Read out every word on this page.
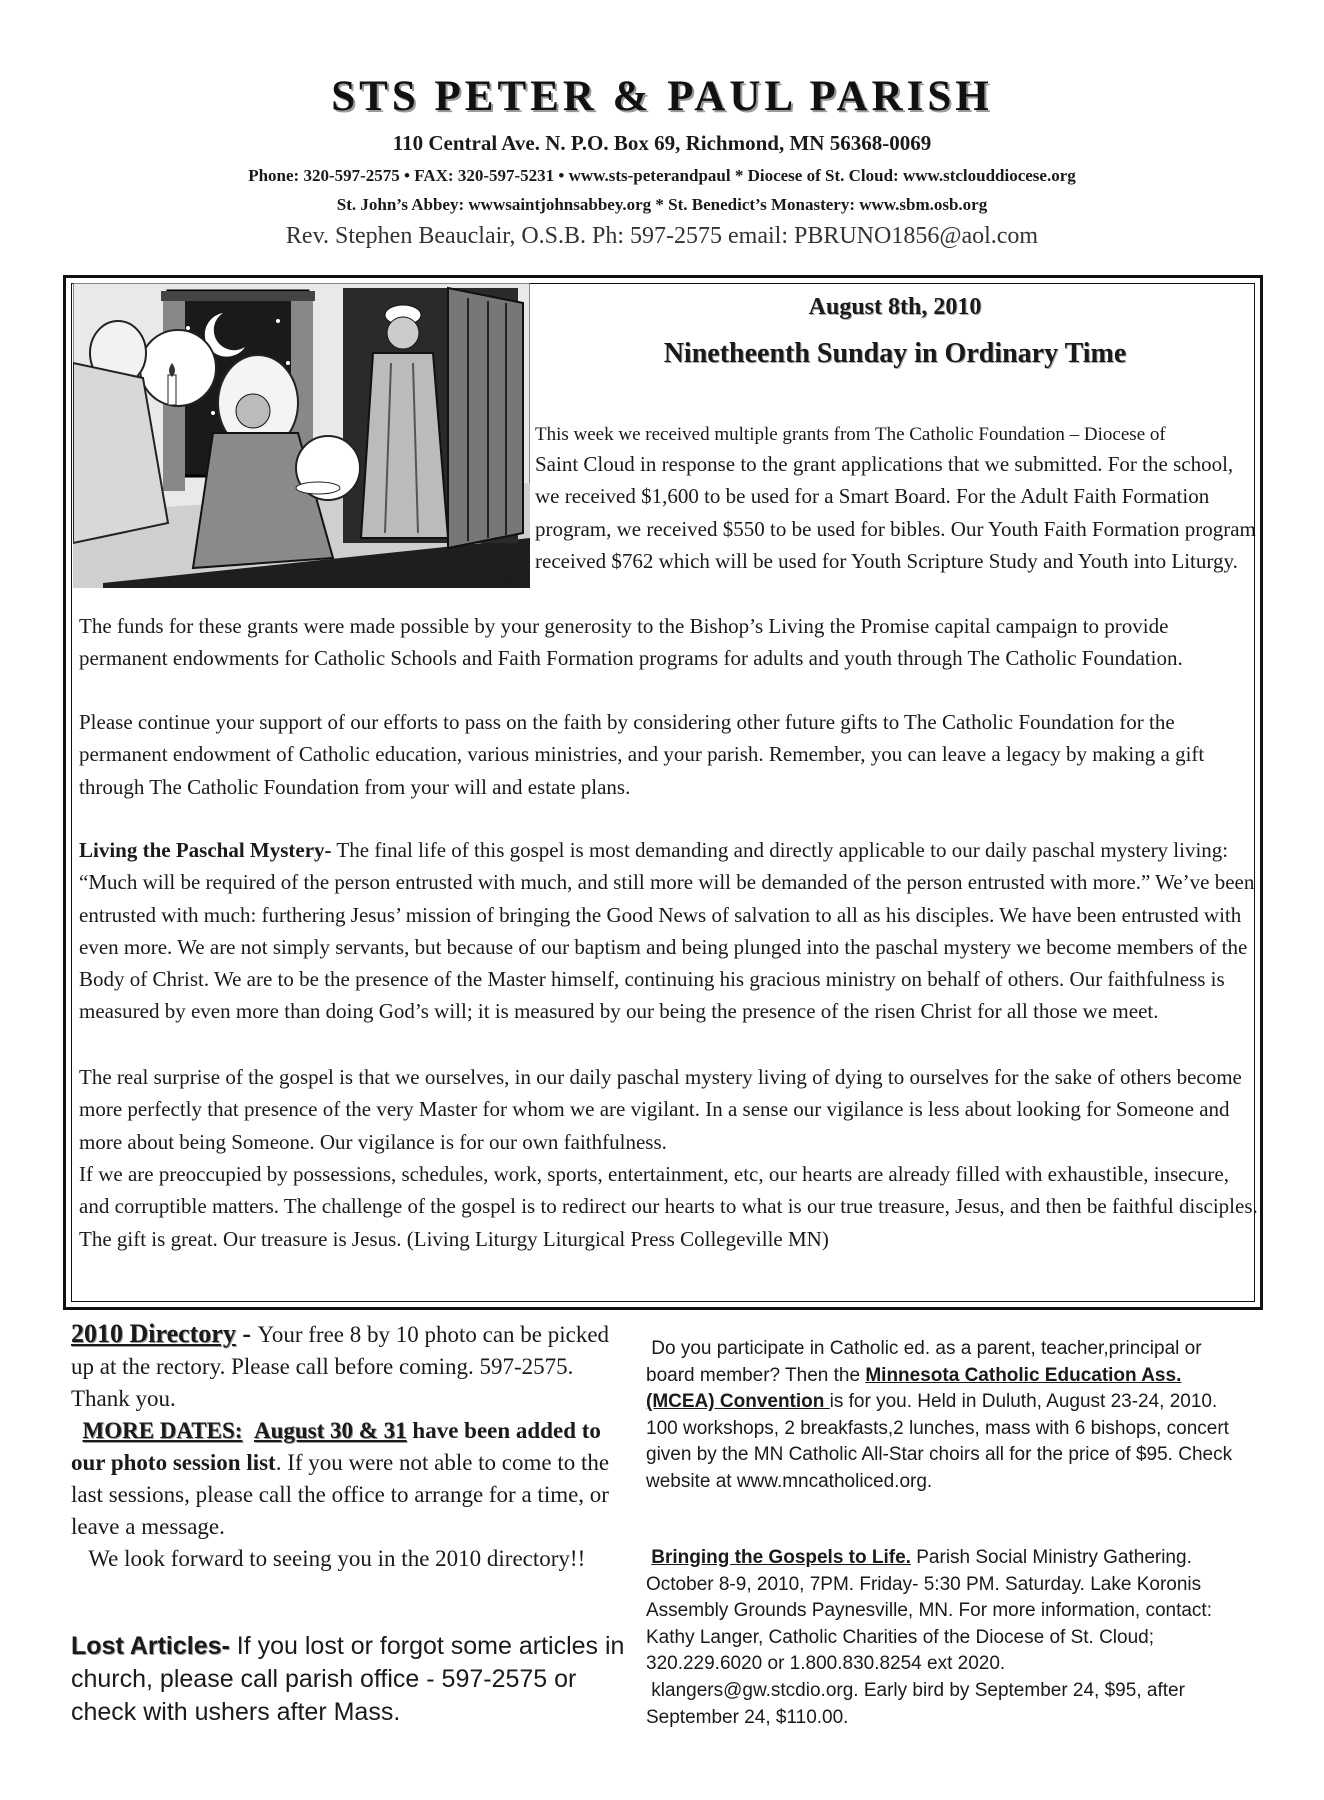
STS PETER & PAUL PARISH
110 Central Ave. N. P.O. Box 69, Richmond, MN 56368-0069
Phone: 320-597-2575 • FAX: 320-597-5231 • www.sts-peterandpaul * Diocese of St. Cloud: www.stclouddiocese.org
St. John’s Abbey: wwwsaintjohnsabbey.org * St. Benedict’s Monastery: www.sbm.osb.org
Rev. Stephen Beauclair, O.S.B. Ph: 597-2575 email: PBRUNO1856@aol.com
©LPi
August 8th, 2010
Ninetheenth Sunday in Ordinary Time
This week we received multiple grants from The Catholic Foundation – Diocese of
Saint Cloud in response to the grant applications that we submitted. For the school, we received $1,600 to be used for a Smart Board. For the Adult Faith Formation program, we received $550 to be used for bibles. Our Youth Faith Formation program received $762 which will be used for Youth Scripture Study and Youth into Liturgy.
The funds for these grants were made possible by your generosity to the Bishop’s Living the Promise capital campaign to provide permanent endowments for Catholic Schools and Faith Formation programs for adults and youth through The Catholic Foundation.
Please continue your support of our efforts to pass on the faith by considering other future gifts to The Catholic Foundation for the permanent endowment of Catholic education, various ministries, and your parish. Remember, you can leave a legacy by making a gift through The Catholic Foundation from your will and estate plans.
Living the Paschal Mystery- The final life of this gospel is most demanding and directly applicable to our daily paschal mystery living: “Much will be required of the person entrusted with much, and still more will be demanded of the person entrusted with more.” We’ve been entrusted with much: furthering Jesus’ mission of bringing the Good News of salvation to all as his disciples. We have been entrusted with even more. We are not simply servants, but because of our baptism and being plunged into the paschal mystery we become members of the Body of Christ. We are to be the presence of the Master himself, continuing his gracious ministry on behalf of others. Our faithfulness is measured by even more than doing God’s will; it is measured by our being the presence of the risen Christ for all those we meet.
The real surprise of the gospel is that we ourselves, in our daily paschal mystery living of dying to ourselves for the sake of others become more perfectly that presence of the very Master for whom we are vigilant. In a sense our vigilance is less about looking for Someone and more about being Someone. Our vigilance is for our own faithfulness.
If we are preoccupied by possessions, schedules, work, sports, entertainment, etc, our hearts are already filled with exhaustible, insecure, and corruptible matters. The challenge of the gospel is to redirect our hearts to what is our true treasure, Jesus, and then be faithful disciples. The gift is great. Our treasure is Jesus. (Living Liturgy Liturgical Press Collegeville MN)
2010 Directory - Your free 8 by 10 photo can be picked up at the rectory. Please call before coming. 597-2575. Thank you.
MORE DATES: August 30 & 31 have been added to our photo session list. If you were not able to come to the last sessions, please call the office to arrange for a time, or leave a message.
We look forward to seeing you in the 2010 directory!!
Lost Articles- If you lost or forgot some articles in church, please call parish office - 597-2575 or check with ushers after Mass.
Do you participate in Catholic ed. as a parent, teacher,principal or board member? Then the Minnesota Catholic Education Ass.(MCEA) Convention is for you. Held in Duluth, August 23-24, 2010. 100 workshops, 2 breakfasts,2 lunches, mass with 6 bishops, concert given by the MN Catholic All-Star choirs all for the price of $95. Check website at www.mncatholiced.org.
Bringing the Gospels to Life. Parish Social Ministry Gathering. October 8-9, 2010, 7PM. Friday- 5:30 PM. Saturday. Lake Koronis Assembly Grounds Paynesville, MN. For more information, contact: Kathy Langer, Catholic Charities of the Diocese of St. Cloud; 320.229.6020 or 1.800.830.8254 ext 2020.
klangers@gw.stcdio.org. Early bird by September 24, $95, after September 24, $110.00.
